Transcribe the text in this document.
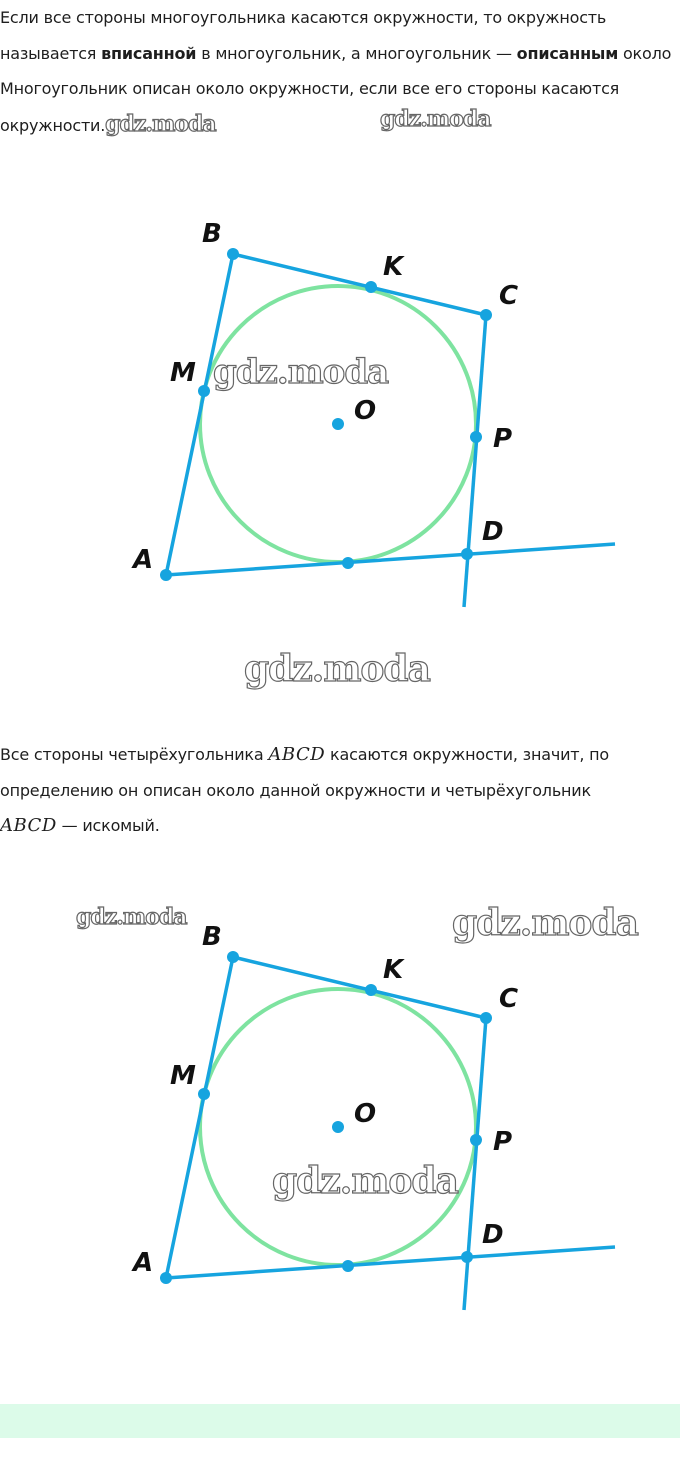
Если все стороны многоугольника касаются окружности, то окружность
называется вписанной в многоугольник, а многоугольник — описанным около
Многоугольник описан около окружности, если все его стороны касаются
окружности.gdz.moda	gdz.moda
B
K
C
M
O
P
D
A
gdz.moda
gdz.moda
Все стороны четырёхугольника ABCD касаются окружности, значит, по
определению он описан около данной окружности и четырёхугольник
ABCD — искомый.
B
K
C
M
O
P
D
A
gdz.moda	gdz.moda
gdz.moda
